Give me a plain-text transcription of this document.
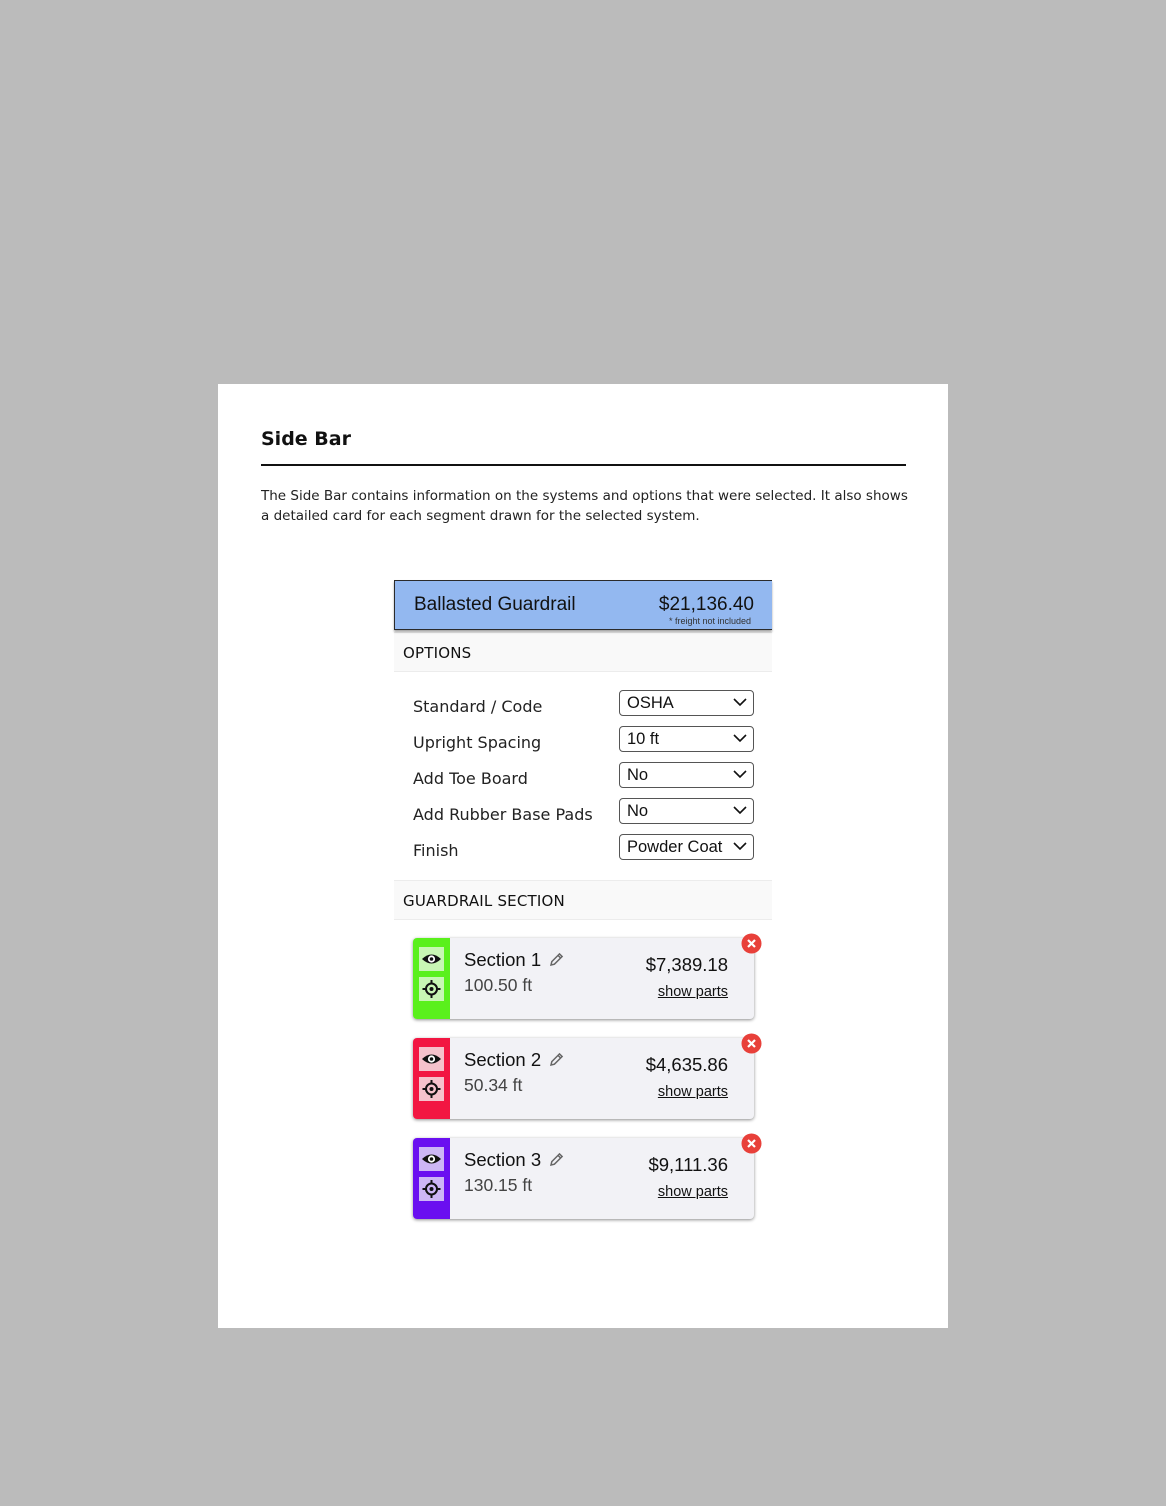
Side Bar

The Side Bar contains information on the systems and options that were selected. It also shows a detailed card for each segment drawn for the selected system.

Ballasted Guardrail	$21,136.40
* freight not included
OPTIONS
Standard / Code	OSHA
Upright Spacing	10 ft
Add Toe Board	No
Add Rubber Base Pads No
Finish	Powder Coat
GUARDRAIL SECTION
Section 1
100.50 ft
$7,389.18
show parts
Section 2
50.34 ft
$4,635.86
show parts
Section 3
130.15 ft
$9,111.36
show parts
